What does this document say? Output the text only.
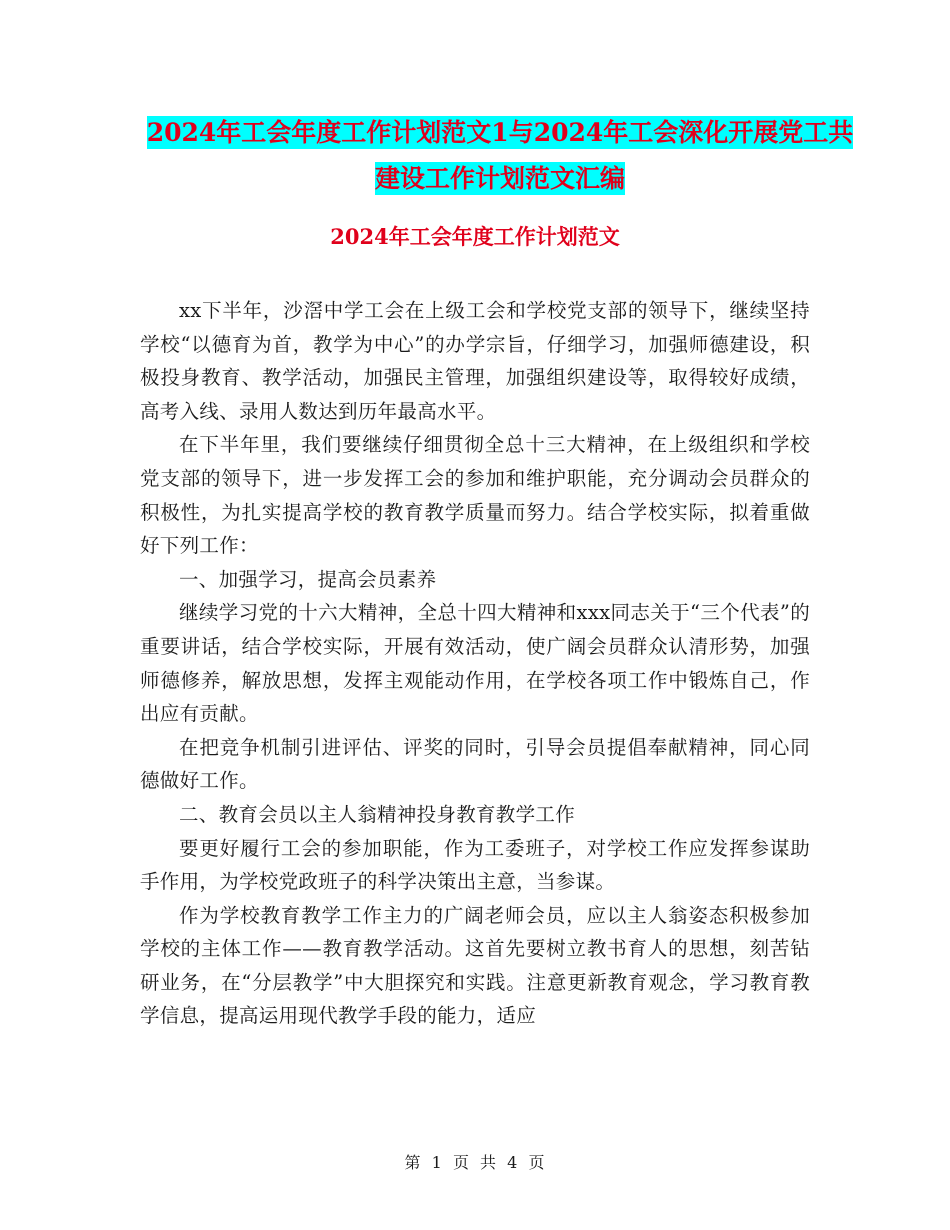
2024年工会年度工作计划范文1与2024年工会深化开展党工共建设工作计划范文汇编
2024年工会年度工作计划范文

xx下半年，沙滘中学工会在上级工会和学校党支部的领导下，继续坚持学校“以德育为首，教学为中心”的办学宗旨，仔细学习，加强师德建设，积极投身教育、教学活动，加强民主管理，加强组织建设等，取得较好成绩，高考入线、录用人数达到历年最高水平。

在下半年里，我们要继续仔细贯彻全总十三大精神，在上级组织和学校党支部的领导下，进一步发挥工会的参加和维护职能，充分调动会员群众的积极性，为扎实提高学校的教育教学质量而努力。结合学校实际，拟着重做好下列工作：

一、加强学习，提高会员素养

继续学习党的十六大精神，全总十四大精神和xxx同志关于“三个代表”的重要讲话，结合学校实际，开展有效活动，使广阔会员群众认清形势，加强师德修养，解放思想，发挥主观能动作用，在学校各项工作中锻炼自己，作出应有贡献。

在把竞争机制引进评估、评奖的同时，引导会员提倡奉献精神，同心同德做好工作。

二、教育会员以主人翁精神投身教育教学工作

要更好履行工会的参加职能，作为工委班子，对学校工作应发挥参谋助手作用，为学校党政班子的科学决策出主意，当参谋。

作为学校教育教学工作主力的广阔老师会员，应以主人翁姿态积极参加学校的主体工作——教育教学活动。这首先要树立教书育人的思想，刻苦钻研业务，在“分层教学”中大胆探究和实践。注意更新教育观念，学习教育教学信息，提高运用现代教学手段的能力，适应

第 1 页 共 4 页
